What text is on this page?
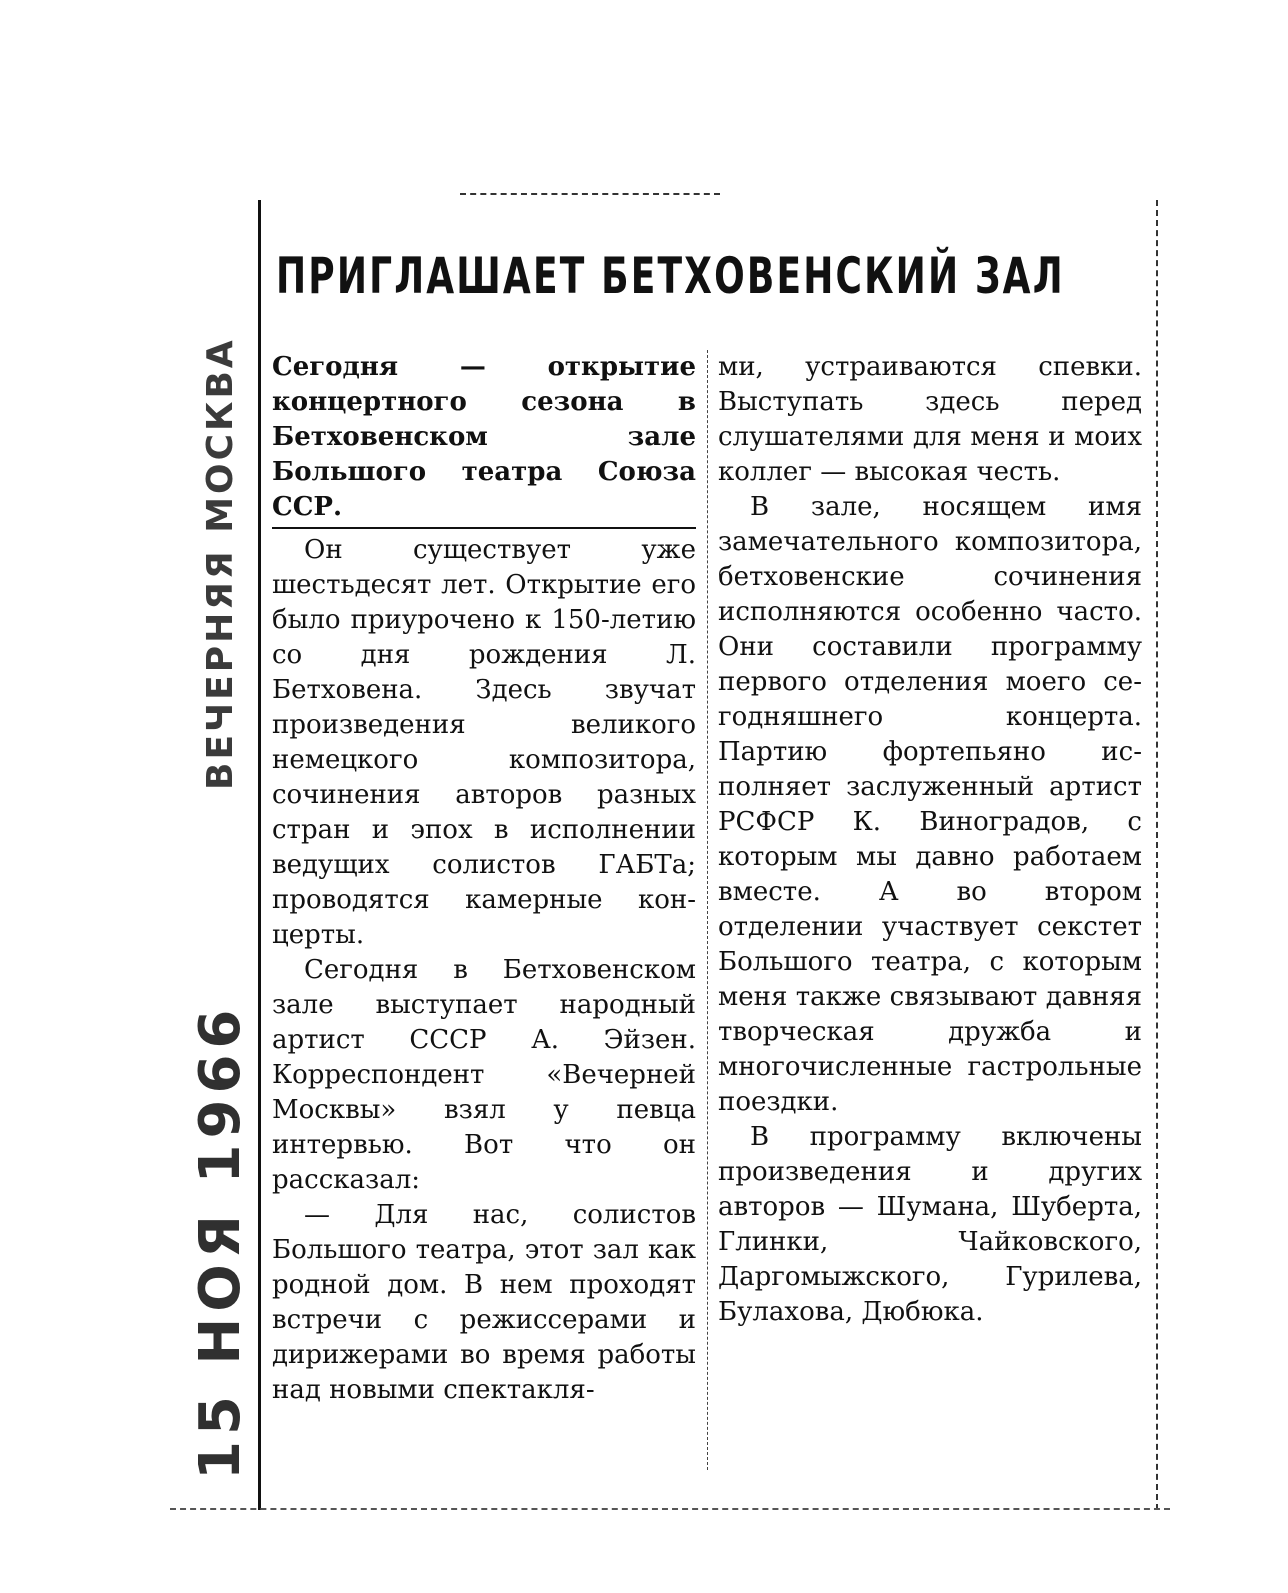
ВЕЧЕРНЯЯ МОСКВА
15 НОЯ 1966
ПРИГЛАШАЕТ БЕТХОВЕНСКИЙ ЗАЛ

Сегодня — открытие концертного сезона в Бетховенском зале Большого театра Союза ССР.

Он существует уже шестьдесят лет. Открытие его было приурочено к 150-летию со дня рождения Л. Бетховена. Здесь звучат произведения великого немецкого композитора, сочинения авторов разных стран и эпох в исполнении ведущих солистов ГАБТа; проводятся камерные концерты.

Сегодня в Бетховенском зале выступает народный артист СССР А. Эйзен. Корреспондент «Вечерней Москвы» взял у певца интервью. Вот что он рассказал:

— Для нас, солистов Большого театра, этот зал как родной дом. В нем проходят встречи с режиссерами и дирижерами во время работы над новыми спектакля-

ми, устраиваются спевки. Выступать здесь перед слушателями для меня и моих коллег — высокая честь.

В зале, носящем имя замечательного композитора, бетховенские сочинения исполняются особенно часто. Они составили программу первого отделения моего сегодняшнего концерта. Партию фортепьяно исполняет заслуженный артист РСФСР К. Виноградов, с которым мы давно работаем вместе. А во втором отделении участвует секстет Большого театра, с которым меня также связывают давняя творческая дружба и многочисленные гастрольные поездки.

В программу включены произведения и других авторов — Шумана, Шуберта, Глинки, Чайковского, Даргомыжского, Гурилева, Булахова, Дюбюка.
